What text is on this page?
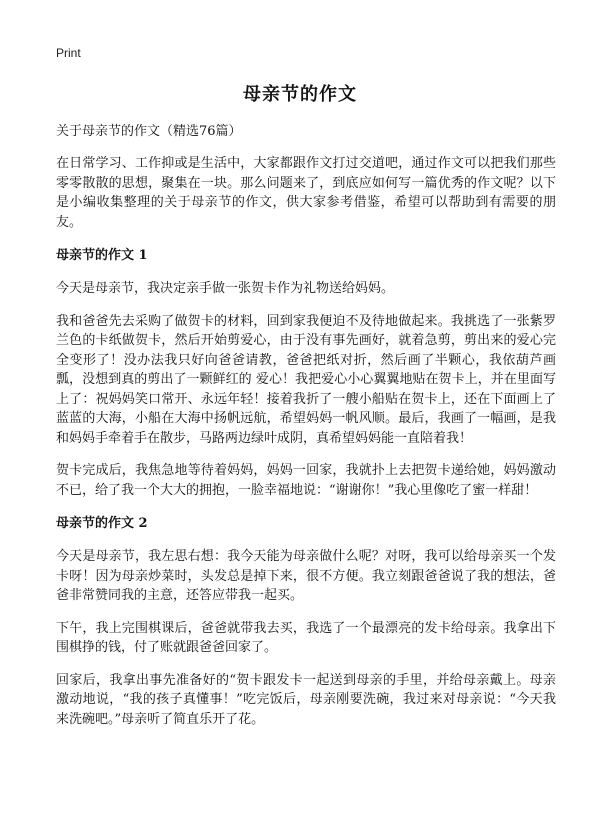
Print
母亲节的作文
关于母亲节的作文（精选76篇）

在日常学习、工作抑或是生活中，大家都跟作文打过交道吧，通过作文可以把我们那些零零散散的思想，聚集在一块。那么问题来了，到底应如何写一篇优秀的作文呢？以下是小编收集整理的关于母亲节的作文，供大家参考借鉴，希望可以帮助到有需要的朋友。

母亲节的作文 1

今天是母亲节，我决定亲手做一张贺卡作为礼物送给妈妈。

我和爸爸先去采购了做贺卡的材料，回到家我便迫不及待地做起来。我挑选了一张紫罗兰色的卡纸做贺卡，然后开始剪爱心，由于没有事先画好，就着急剪，剪出来的爱心完全变形了！没办法我只好向爸爸请教，爸爸把纸对折，然后画了半颗心，我依葫芦画瓢，没想到真的剪出了一颗鲜红的 爱心！我把爱心小心翼翼地贴在贺卡上，并在里面写上了：祝妈妈笑口常开、永远年轻！接着我折了一艘小船贴在贺卡上，还在下面画上了蓝蓝的大海，小船在大海中扬帆远航，希望妈妈一帆风顺。最后，我画了一幅画，是我和妈妈手牵着手在散步，马路两边绿叶成阴，真希望妈妈能一直陪着我！

贺卡完成后，我焦急地等待着妈妈，妈妈一回家，我就扑上去把贺卡递给她，妈妈激动不已，给了我一个大大的拥抱，一脸幸福地说：“谢谢你！”我心里像吃了蜜一样甜！

母亲节的作文 2

今天是母亲节，我左思右想：我今天能为母亲做什么呢？对呀，我可以给母亲买一个发卡呀！因为母亲炒菜时，头发总是掉下来，很不方便。我立刻跟爸爸说了我的想法，爸爸非常赞同我的主意，还答应带我一起买。

下午，我上完围棋课后，爸爸就带我去买，我选了一个最漂亮的发卡给母亲。我拿出下围棋挣的钱，付了账就跟爸爸回家了。

回家后，我拿出事先准备好的“贺卡跟发卡一起送到母亲的手里，并给母亲戴上。母亲激动地说，“我的孩子真懂事！”吃完饭后，母亲刚要洗碗，我过来对母亲说：“今天我来洗碗吧。”母亲听了简直乐开了花。
